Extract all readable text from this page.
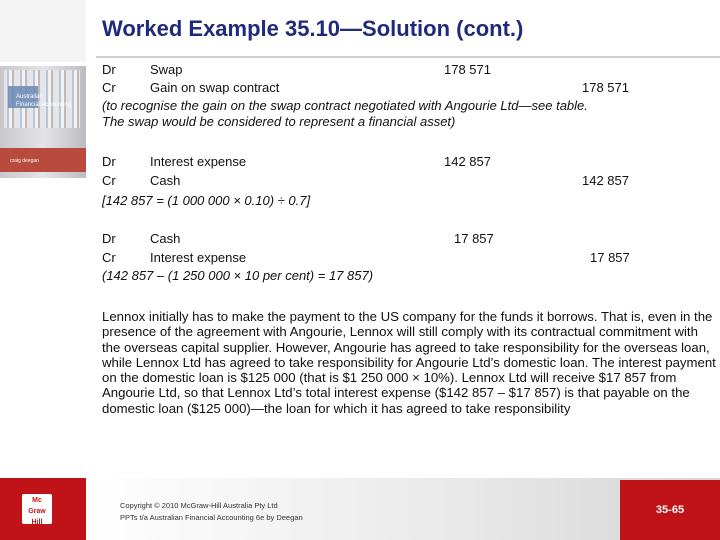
Australian
Financial Accounting
craig deegan
Worked Example 35.10—Solution (cont.)
Dr	Swap	178 571
Cr	Gain on swap contract	178 571
(to recognise the gain on the swap contract negotiated with Angourie Ltd—see table.
The swap would be considered to represent a financial asset)
Dr	Interest expense	142 857
Cr	Cash	142 857
[142 857 = (1 000 000 × 0.10) ÷ 0.7]
Dr	Cash	17 857
Cr	Interest expense	17 857
(142 857 – (1 250 000 × 10 per cent) = 17 857)

Lennox initially has to make the payment to the US company for the funds it borrows. That is, even in the presence of the agreement with Angourie, Lennox will still comply with its contractual commitment with the overseas capital supplier. However, Angourie has agreed to take responsibility for the overseas loan, while Lennox Ltd has agreed to take responsibility for Angourie Ltd’s domestic loan. The interest payment on the domestic loan is $125 000 (that is $1 250 000 × 10%). Lennox Ltd will receive $17 857 from Angourie Ltd, so that Lennox Ltd’s total interest expense ($142 857 – $17 857) is that payable on the domestic loan ($125 000)—the loan for which it has agreed to take responsibility

Mc
Graw
Hill
Copyright © 2010 McGraw-Hill Australia Pty Ltd
PPTs t/a Australian Financial Accounting 6e by Deegan
35-65
